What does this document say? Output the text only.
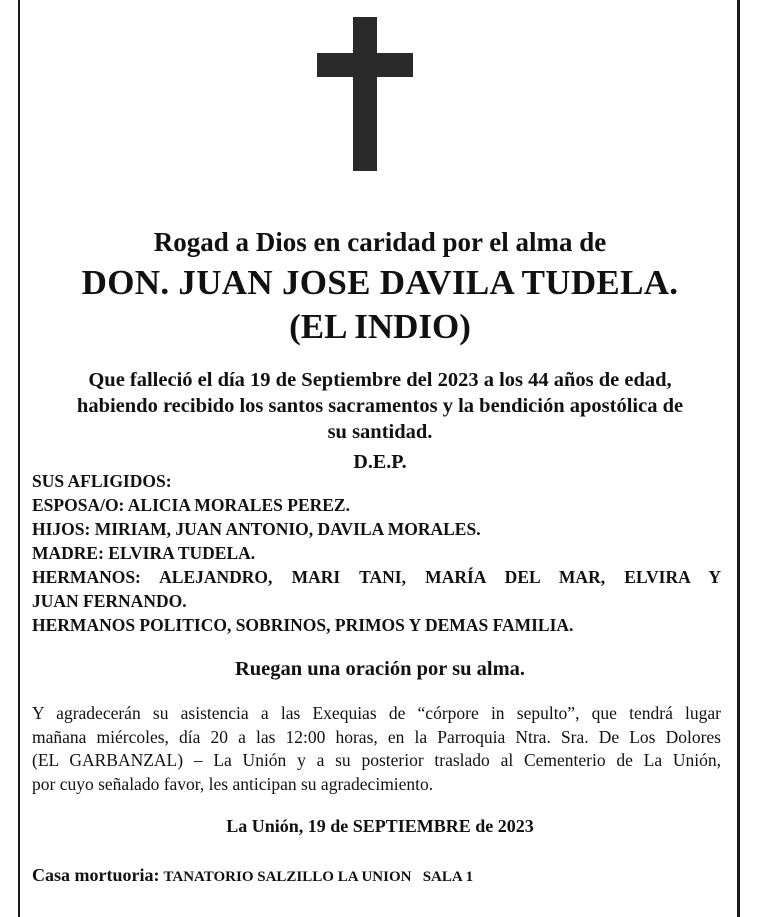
Rogad a Dios en caridad por el alma de

DON. JUAN JOSE DAVILA TUDELA.

(EL INDIO)

Que falleció el día 19 de Septiembre del 2023 a los 44 años de edad,
habiendo recibido los santos sacramentos y la bendición apostólica de
su santidad.

D.E.P.

SUS AFLIGIDOS:
ESPOSA/O: ALICIA MORALES PEREZ.
HIJOS: MIRIAM, JUAN ANTONIO, DAVILA MORALES.
MADRE: ELVIRA TUDELA.
HERMANOS: ALEJANDRO, MARI TANI, MARÍA DEL MAR, ELVIRA Y
JUAN FERNANDO.
HERMANOS POLITICO, SOBRINOS, PRIMOS Y DEMAS FAMILIA.

Ruegan una oración por su alma.

Y agradecerán su asistencia a las Exequias de “córpore in sepulto”, que tendrá lugar
mañana miércoles, día 20 a las 12:00 horas, en la Parroquia Ntra. Sra. De Los Dolores
(EL GARBANZAL) – La Unión y a su posterior traslado al Cementerio de La Unión,
por cuyo señalado favor, les anticipan su agradecimiento.

La Unión, 19 de SEPTIEMBRE de 2023

Casa mortuoria: TANATORIO SALZILLO LA UNION   SALA 1
